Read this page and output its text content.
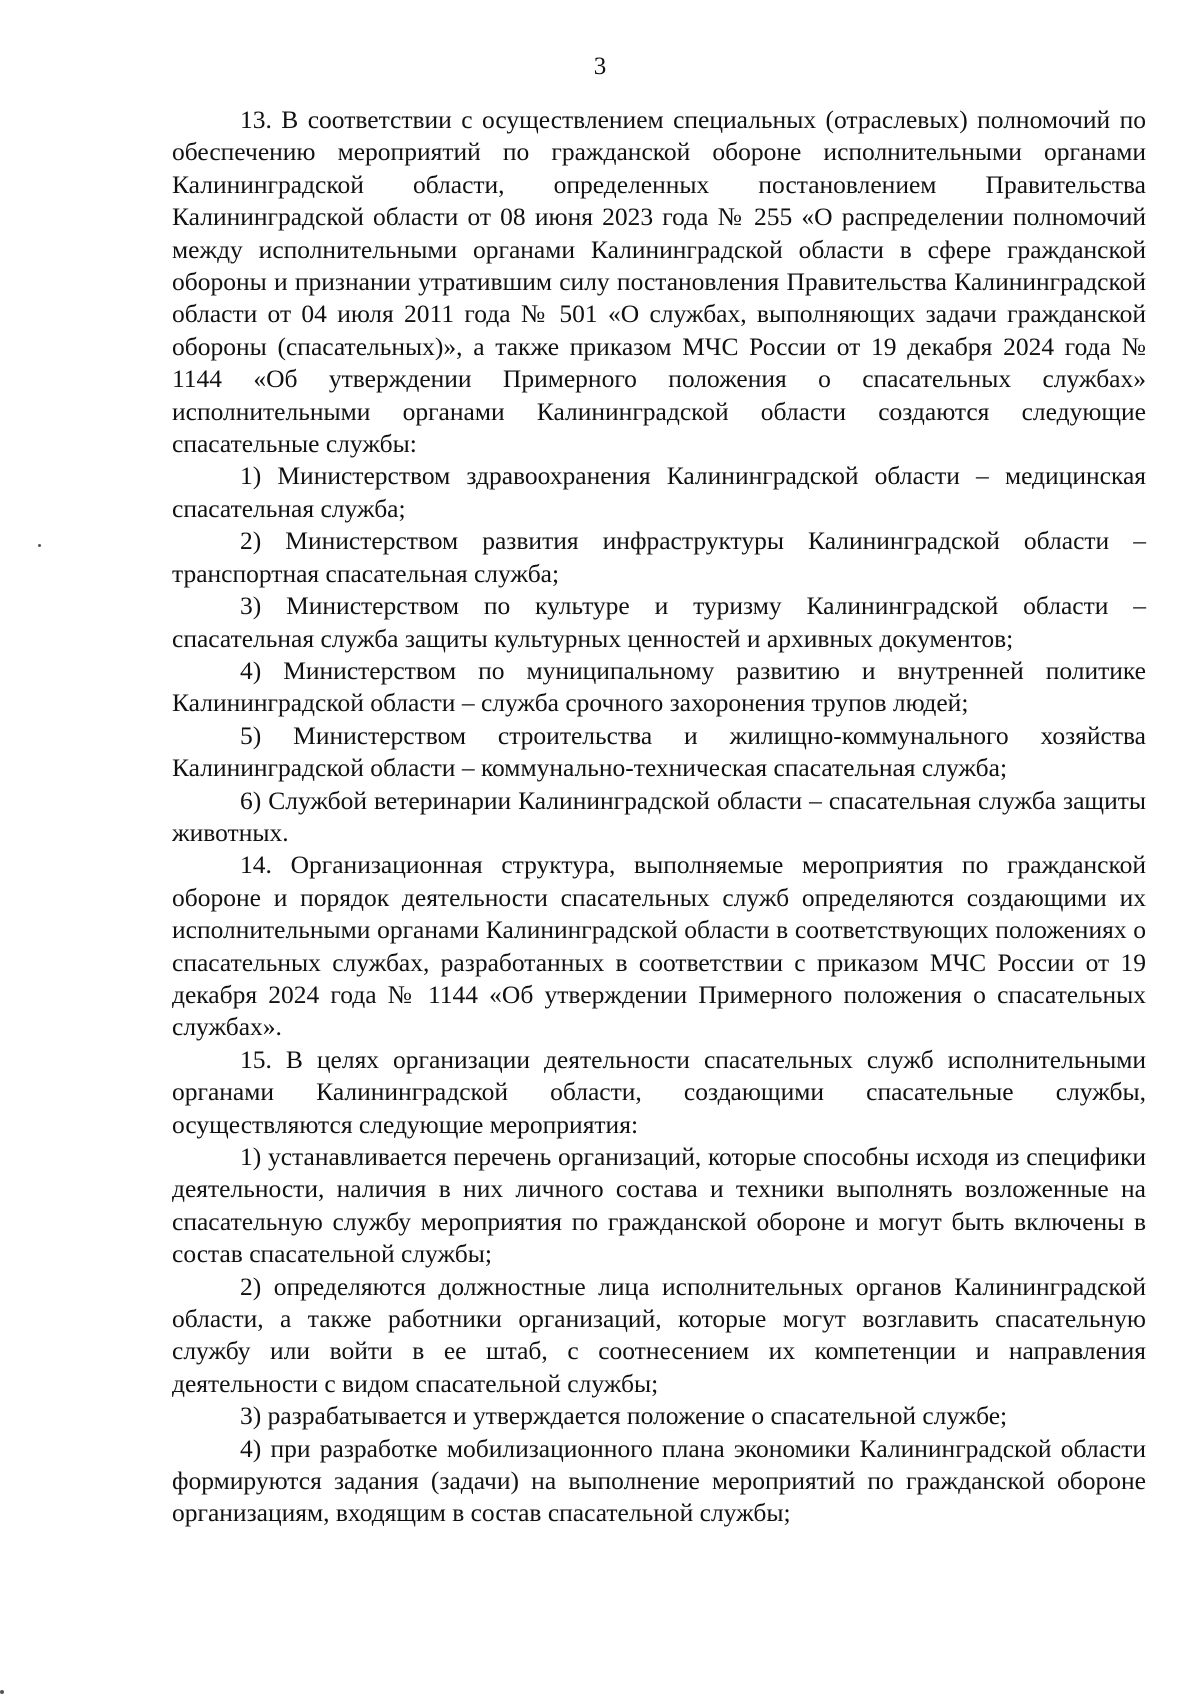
3

13. В соответствии с осуществлением специальных (отраслевых) полномочий по обеспечению мероприятий по гражданской обороне исполнительными органами Калининградской области, определенных постановлением Правительства Калининградской области от 08 июня 2023 года № 255 «О распределении полномочий между исполнительными органами Калининградской области в сфере гражданской обороны и признании утратившим силу постановления Правительства Калининградской области от 04 июля 2011 года № 501 «О службах, выполняющих задачи гражданской обороны (спасательных)», а также приказом МЧС России от 19 декабря 2024 года № 1144 «Об утверждении Примерного положения о спасательных службах» исполнительными органами Калининградской области создаются следующие спасательные службы:

1) Министерством здравоохранения Калининградской области – медицинская спасательная служба;

2) Министерством развития инфраструктуры Калининградской области – транспортная спасательная служба;

3) Министерством по культуре и туризму Калининградской области – спасательная служба защиты культурных ценностей и архивных документов;

4) Министерством по муниципальному развитию и внутренней политике Калининградской области – служба срочного захоронения трупов людей;

5) Министерством строительства и жилищно-коммунального хозяйства Калининградской области – коммунально-техническая спасательная служба;

6) Службой ветеринарии Калининградской области – спасательная служба защиты животных.

14. Организационная структура, выполняемые мероприятия по гражданской обороне и порядок деятельности спасательных служб определяются создающими их исполнительными органами Калининградской области в соответствующих положениях о спасательных службах, разработанных в соответствии с приказом МЧС России от 19 декабря 2024 года № 1144 «Об утверждении Примерного положения о спасательных службах».

15. В целях организации деятельности спасательных служб исполнительными органами Калининградской области, создающими спасательные службы, осуществляются следующие мероприятия:

1) устанавливается перечень организаций, которые способны исходя из специфики деятельности, наличия в них личного состава и техники выполнять возложенные на спасательную службу мероприятия по гражданской обороне и могут быть включены в состав спасательной службы;

2) определяются должностные лица исполнительных органов Калининградской области, а также работники организаций, которые могут возглавить спасательную службу или войти в ее штаб, с соотнесением их компетенции и направления деятельности с видом спасательной службы;

3) разрабатывается и утверждается положение о спасательной службе;

4) при разработке мобилизационного плана экономики Калининградской области формируются задания (задачи) на выполнение мероприятий по гражданской обороне организациям, входящим в состав спасательной службы;
